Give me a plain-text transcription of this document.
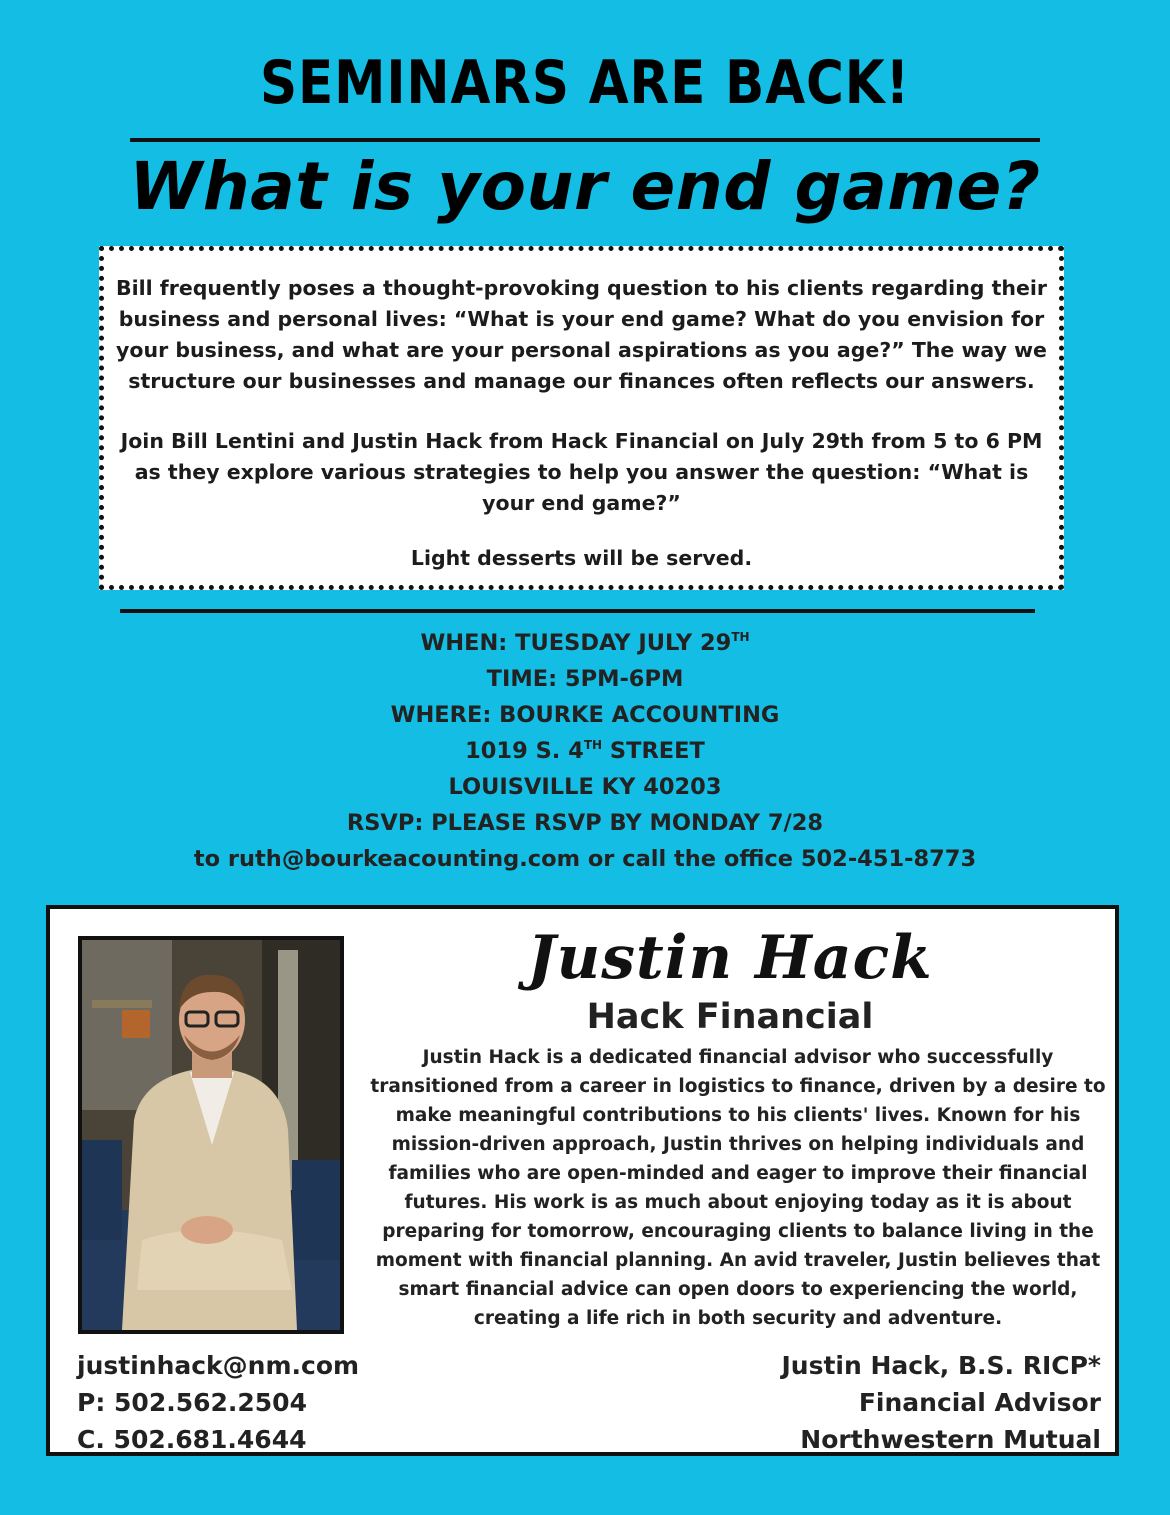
SEMINARS ARE BACK!
What is your end game?

Bill frequently poses a thought-provoking question to his clients regarding their business and personal lives: “What is your end game? What do you envision for your business, and what are your personal aspirations as you age?” The way we structure our businesses and manage our finances often reflects our answers.

Join Bill Lentini and Justin Hack from Hack Financial on July 29th from 5 to 6 PM as they explore various strategies to help you answer the question: “What is your end game?”

Light desserts will be served.

WHEN: TUESDAY JULY 29TH
TIME: 5PM-6PM
WHERE: BOURKE ACCOUNTING
1019 S. 4TH STREET
LOUISVILLE KY 40203
RSVP: PLEASE RSVP BY MONDAY 7/28
to ruth@bourkeacounting.com or call the office 502-451-8773
Justin Hack
Hack Financial
Justin Hack is a dedicated financial advisor who successfully transitioned from a career in logistics to finance, driven by a desire to make meaningful contributions to his clients' lives. Known for his mission-driven approach, Justin thrives on helping individuals and families who are open-minded and eager to improve their financial futures. His work is as much about enjoying today as it is about preparing for tomorrow, encouraging clients to balance living in the moment with financial planning. An avid traveler, Justin believes that smart financial advice can open doors to experiencing the world, creating a life rich in both security and adventure.
justinhack@nm.com
P: 502.562.2504
C. 502.681.4644
Justin Hack, B.S. RICP*
Financial Advisor
Northwestern Mutual
